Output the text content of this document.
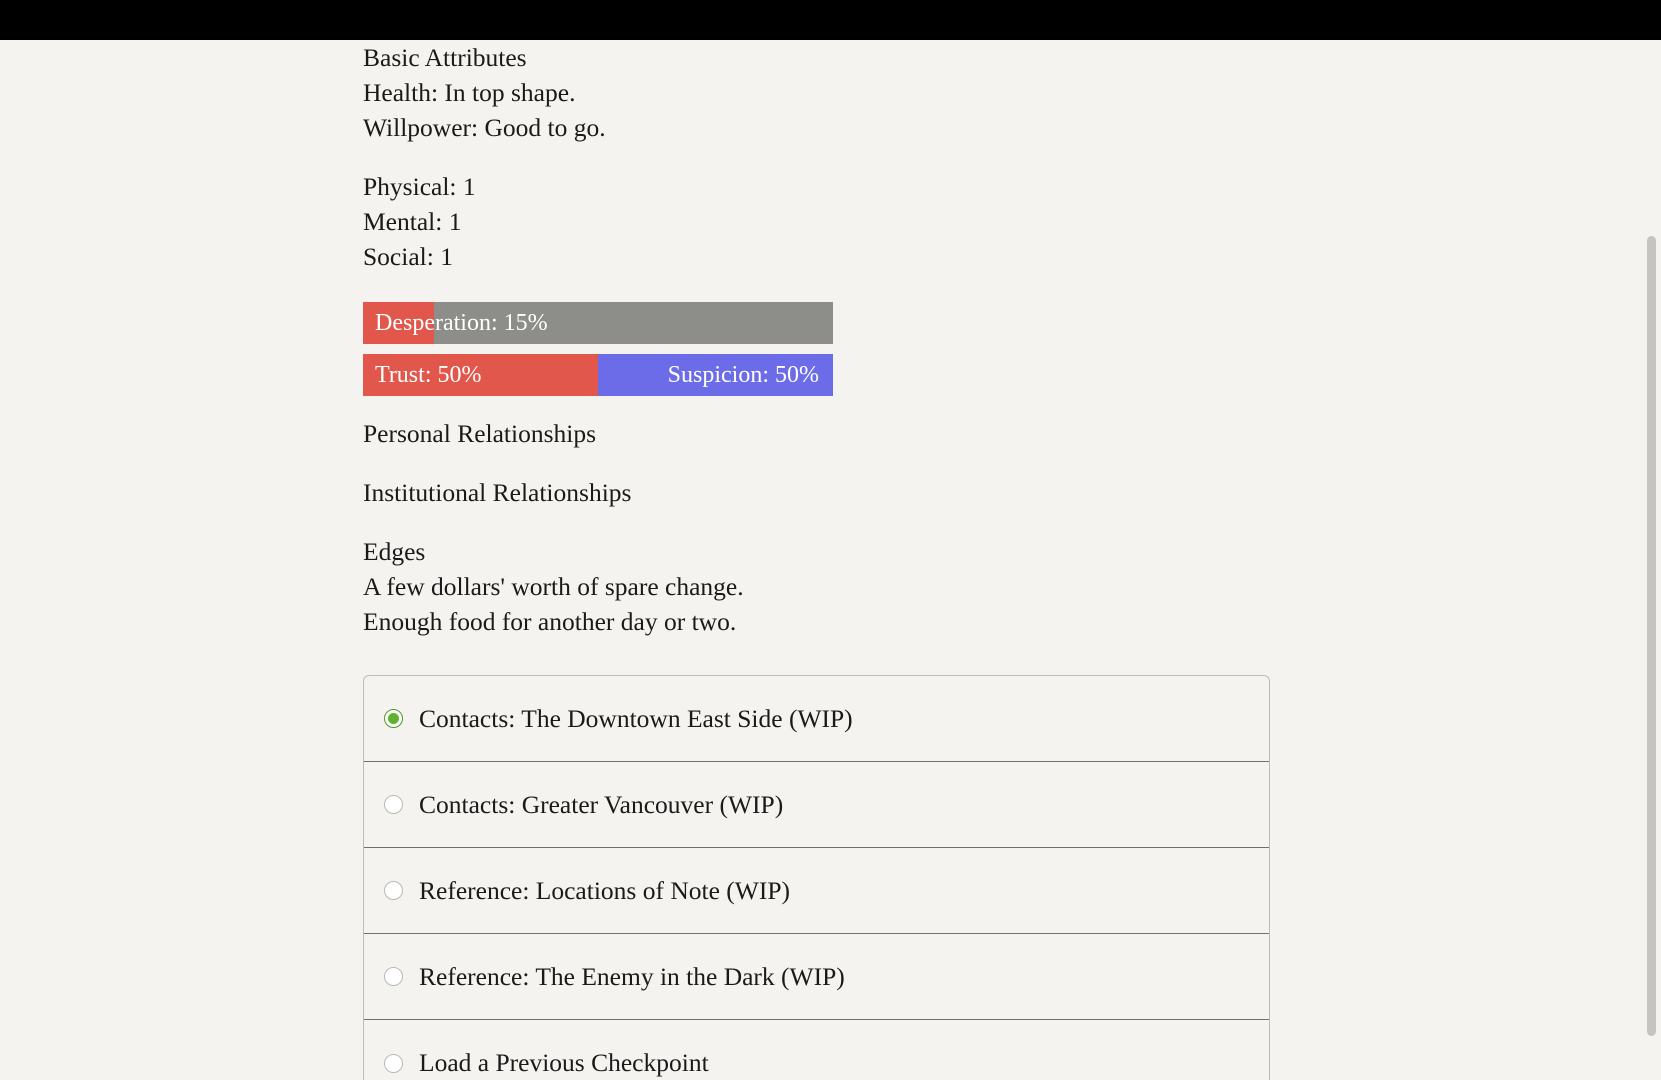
Basic Attributes
Health: In top shape.
Willpower: Good to go.
Physical: 1
Mental: 1
Social: 1
Desperation: 15%
Trust: 50%	Suspicion: 50%
Personal Relationships
Institutional Relationships
Edges
A few dollars' worth of spare change.
Enough food for another day or two.
Contacts: The Downtown East Side (WIP)
Contacts: Greater Vancouver (WIP)
Reference: Locations of Note (WIP)
Reference: The Enemy in the Dark (WIP)
Load a Previous Checkpoint
